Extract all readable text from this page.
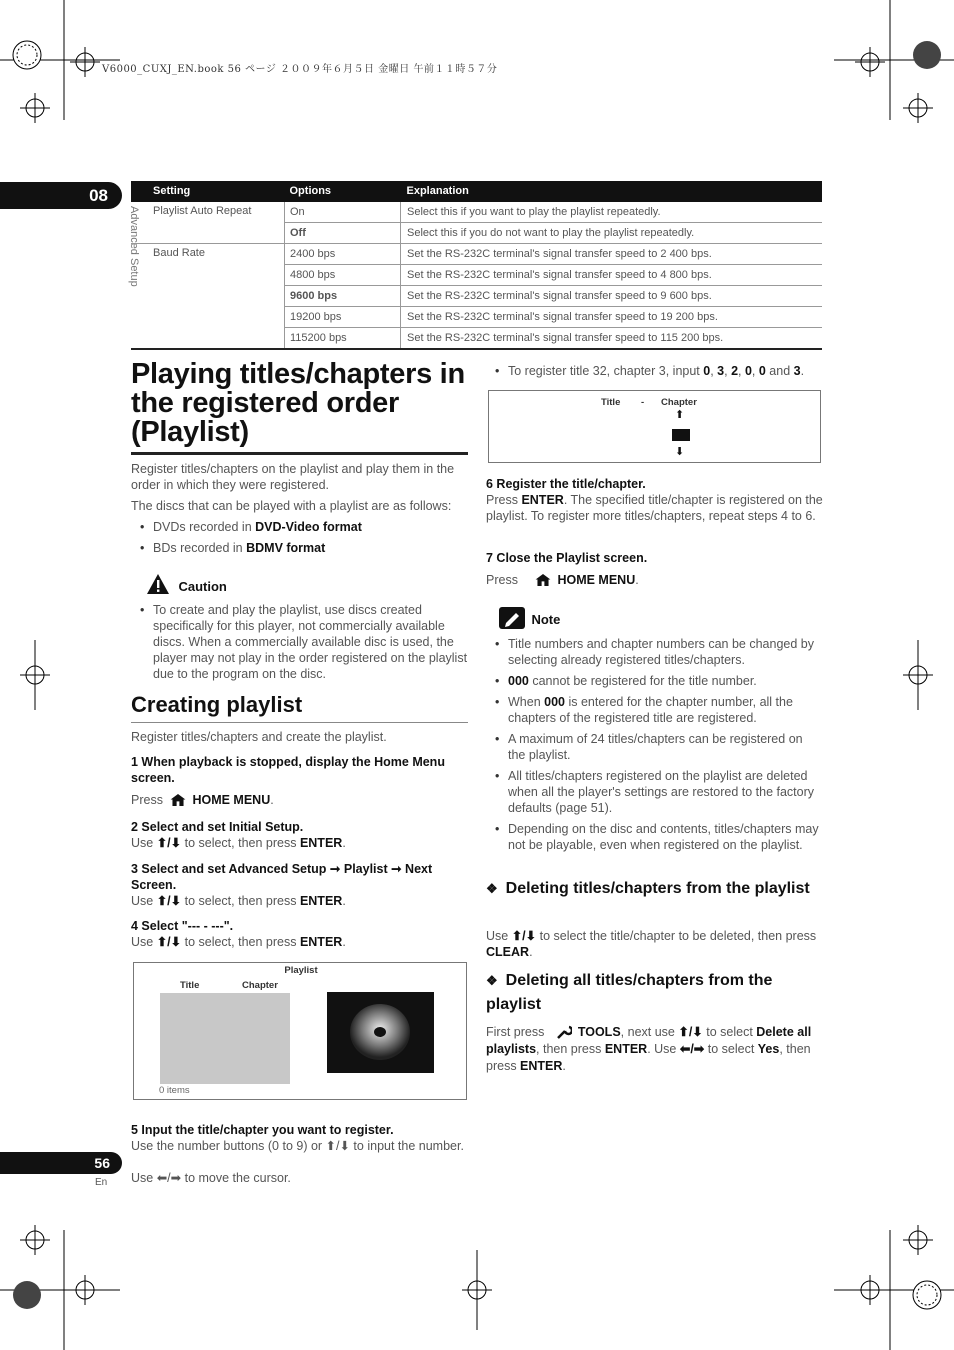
V6000_CUXJ_EN.book 56 ページ ２００９年６月５日 金曜日 午前１１時５７分
08
Advanced Setup
Setting	Options	Explanation
Playlist Auto Repeat	On	Select this if you want to play the playlist repeatedly.
	Off	Select this if you do not want to play the playlist repeatedly.
Baud Rate	2400 bps	Set the RS-232C terminal's signal transfer speed to 2 400 bps.
	4800 bps	Set the RS-232C terminal's signal transfer speed to 4 800 bps.
	9600 bps	Set the RS-232C terminal's signal transfer speed to 9 600 bps.
	19200 bps	Set the RS-232C terminal's signal transfer speed to 19 200 bps.
	115200 bps	Set the RS-232C terminal's signal transfer speed to 115 200 bps.
Playing titles/chapters in the registered order (Playlist)
Register titles/chapters on the playlist and play them in the order in which they were registered.
The discs that can be played with a playlist are as follows:
• DVDs recorded in DVD-Video format
• BDs recorded in BDMV format
Caution
• To create and play the playlist, use discs created specifically for this player, not commercially available discs. When a commercially available disc is used, the player may not play in the order registered on the playlist due to the program on the disc.
Creating playlist
Register titles/chapters and create the playlist.
1 When playback is stopped, display the Home Menu screen.
Press HOME MENU.
2 Select and set Initial Setup.
Use ⬆/⬇ to select, then press ENTER.
3 Select and set Advanced Setup ➞ Playlist ➞ Next Screen.
Use ⬆/⬇ to select, then press ENTER.
4 Select "--- - ---".
Use ⬆/⬇ to select, then press ENTER.
Playlist
Title	Chapter
0 items
5 Input the title/chapter you want to register.
Use the number buttons (0 to 9) or ⬆/⬇ to input the number.
Use ⬅/➡ to move the cursor.
56
En
• To register title 32, chapter 3, input 0, 3, 2, 0, 0 and 3.
Title - Chapter
⬆
⬇
6 Register the title/chapter.
Press ENTER. The specified title/chapter is registered on the playlist. To register more titles/chapters, repeat steps 4 to 6.
7 Close the Playlist screen.
Press	HOME MENU.
Note
• Title numbers and chapter numbers can be changed by selecting already registered titles/chapters.
• 000 cannot be registered for the title number.
• When 000 is entered for the chapter number, all the chapters of the registered title are registered.
• A maximum of 24 titles/chapters can be registered on the playlist.
• All titles/chapters registered on the playlist are deleted when all the player's settings are restored to the factory defaults (page 51).
• Depending on the disc and contents, titles/chapters may not be playable, even when registered on the playlist.
❖ Deleting titles/chapters from the playlist
Use ⬆/⬇ to select the title/chapter to be deleted, then press CLEAR.
❖ Deleting all titles/chapters from the playlist
First press	TOOLS, next use ⬆/⬇ to select Delete all playlists, then press ENTER. Use ⬅/➡ to select Yes, then press ENTER.
